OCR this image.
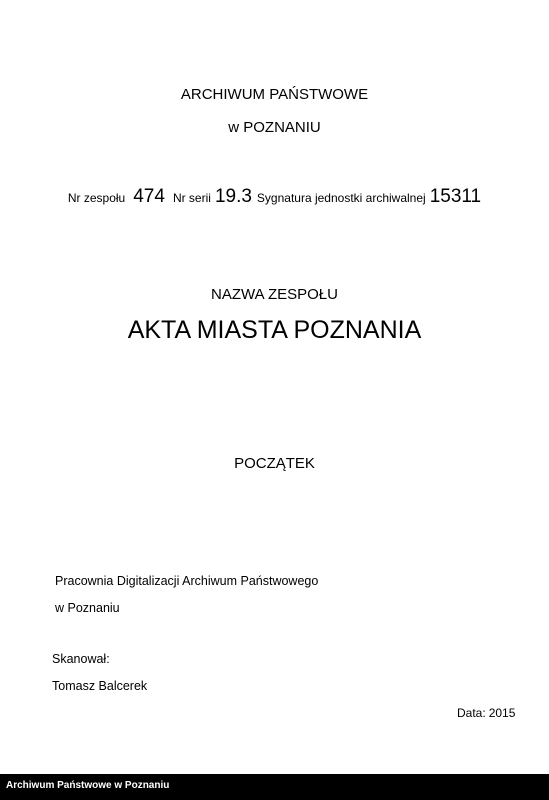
ARCHIWUM PAŃSTWOWE
w POZNANIU
Nr zespołu 474 Nr serii 19.3 Sygnatura jednostki archiwalnej 15311
NAZWA ZESPOŁU
AKTA MIASTA POZNANIA
POCZĄTEK
Pracownia Digitalizacji Archiwum Państwowego
w Poznaniu
Skanował:
Tomasz Balcerek
Data: 2015
Archiwum Państwowe w Poznaniu
